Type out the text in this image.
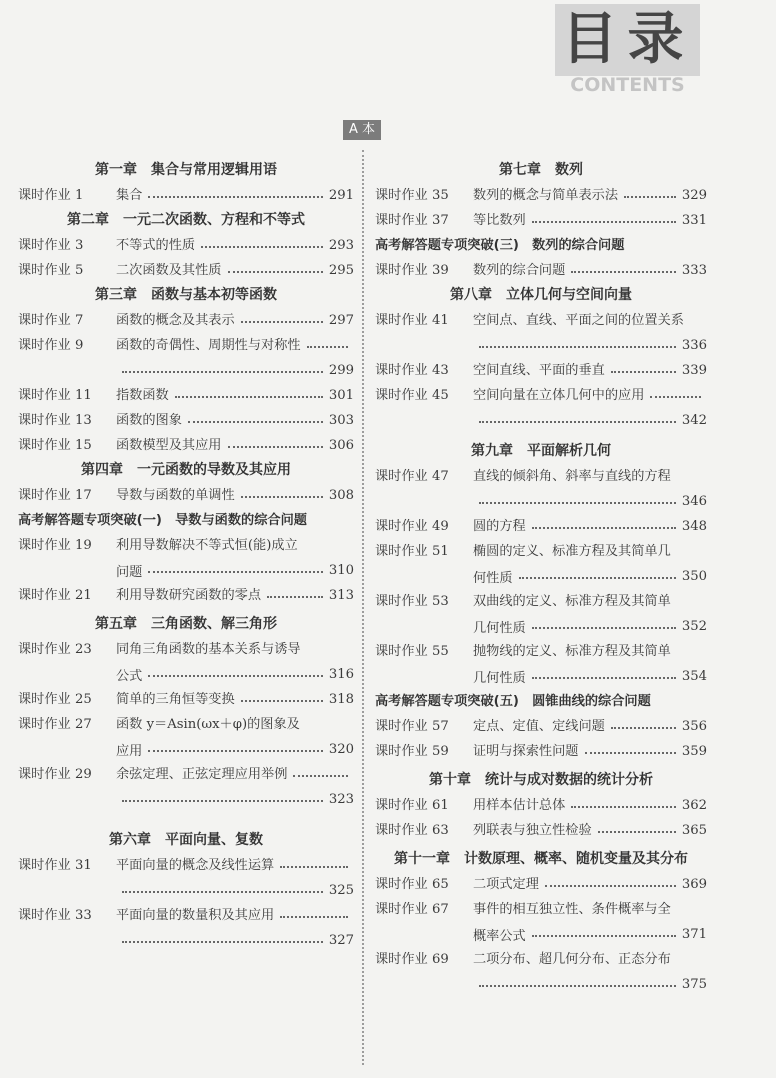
目录
CONTENTS
A 本
第一章　集合与常用逻辑用语
课时作业 1 集合	291
第二章　一元二次函数、方程和不等式
课时作业 3 不等式的性质	293
课时作业 5 二次函数及其性质	295
第三章　函数与基本初等函数
课时作业 7 函数的概念及其表示	297
课时作业 9 函数的奇偶性、周期性与对称性
299
课时作业 11 指数函数	301
课时作业 13 函数的图象	303
课时作业 15 函数模型及其应用	306
第四章　一元函数的导数及其应用
课时作业 17 导数与函数的单调性	308
高考解答题专项突破(一)　导数与函数的综合问题
课时作业 19 利用导数解决不等式恒(能)成立
问题	310
课时作业 21 利用导数研究函数的零点	313
第五章　三角函数、解三角形
课时作业 23 同角三角函数的基本关系与诱导
公式	316
课时作业 25 简单的三角恒等变换	318
课时作业 27 函数 y＝Asin(ωx＋φ)的图象及
应用	320
课时作业 29 余弦定理、正弦定理应用举例
323
第六章　平面向量、复数
课时作业 31 平面向量的概念及线性运算
325
课时作业 33 平面向量的数量积及其应用
327
第七章　数列
课时作业 35 数列的概念与简单表示法	329
课时作业 37 等比数列	331
高考解答题专项突破(三)　数列的综合问题
课时作业 39 数列的综合问题	333
第八章　立体几何与空间向量
课时作业 41 空间点、直线、平面之间的位置关系
336
课时作业 43 空间直线、平面的垂直	339
课时作业 45 空间向量在立体几何中的应用
342
第九章　平面解析几何
课时作业 47 直线的倾斜角、斜率与直线的方程
346
课时作业 49 圆的方程	348
课时作业 51 椭圆的定义、标准方程及其简单几
何性质	350
课时作业 53 双曲线的定义、标准方程及其简单
几何性质	352
课时作业 55 抛物线的定义、标准方程及其简单
几何性质	354
高考解答题专项突破(五)　圆锥曲线的综合问题
课时作业 57 定点、定值、定线问题	356
课时作业 59 证明与探索性问题	359
第十章　统计与成对数据的统计分析
课时作业 61 用样本估计总体	362
课时作业 63 列联表与独立性检验	365
第十一章　计数原理、概率、随机变量及其分布
课时作业 65 二项式定理	369
课时作业 67 事件的相互独立性、条件概率与全
概率公式	371
课时作业 69 二项分布、超几何分布、正态分布
375
